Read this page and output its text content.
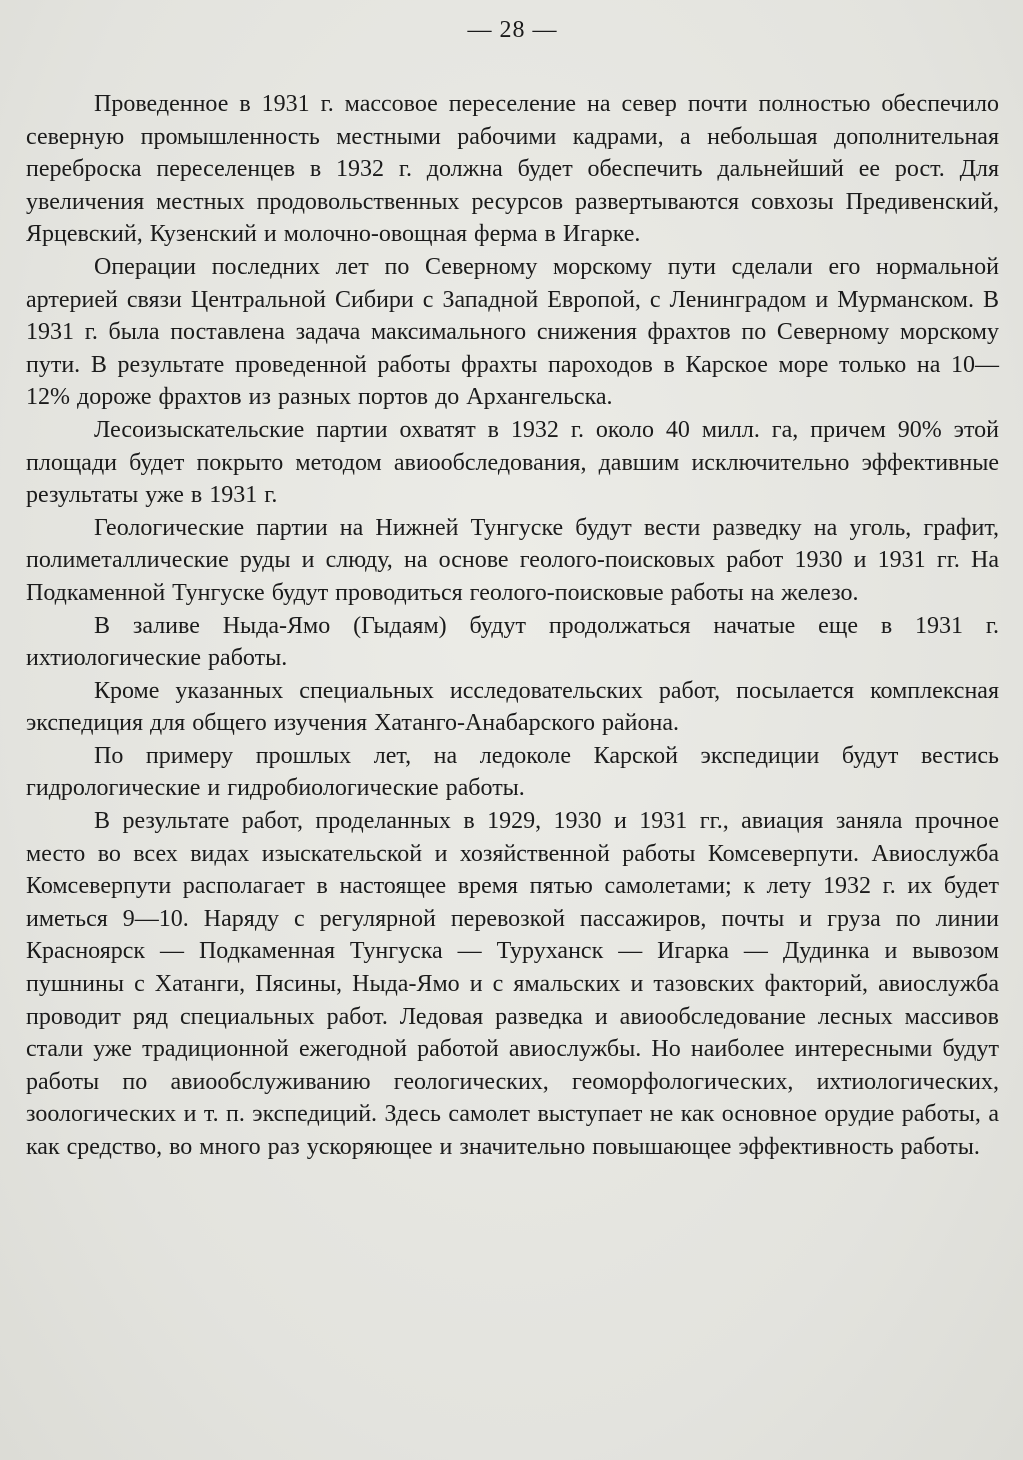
— 28 —

Проведенное в 1931 г. массовое переселение на север почти полностью обеспечило северную промышленность местными рабочими кадрами, а небольшая дополнительная переброска переселенцев в 1932 г. должна будет обеспечить дальнейший ее рост. Для увеличения местных продовольственных ресурсов развертываются совхозы Предивенский, Ярцевский, Кузенский и молочно-овощная ферма в Игарке.

Операции последних лет по Северному морскому пути сделали его нормальной артерией связи Центральной Сибири с Западной Европой, с Ленинградом и Мурманском. В 1931 г. была поставлена задача максимального снижения фрахтов по Северному морскому пути. В результате проведенной работы фрахты пароходов в Карское море только на 10—12% дороже фрахтов из разных портов до Архангельска.

Лесоизыскательские партии охватят в 1932 г. около 40 милл. га, причем 90% этой площади будет покрыто методом авиообследования, давшим исключительно эффективные результаты уже в 1931 г.

Геологические партии на Нижней Тунгуске будут вести разведку на уголь, графит, полиметаллические руды и слюду, на основе геолого-поисковых работ 1930 и 1931 гг. На Подкаменной Тунгуске будут проводиться геолого-поисковые работы на железо.

В заливе Ныда-Ямо (Гыдаям) будут продолжаться начатые еще в 1931 г. ихтиологические работы.

Кроме указанных специальных исследовательских работ, посылается комплексная экспедиция для общего изучения Хатанго-Анабарского района.

По примеру прошлых лет, на ледоколе Карской экспедиции будут вестись гидрологические и гидробиологические работы.

В результате работ, проделанных в 1929, 1930 и 1931 гг., авиация заняла прочное место во всех видах изыскательской и хозяйственной работы Комсеверпути. Авиослужба Комсеверпути располагает в настоящее время пятью самолетами; к лету 1932 г. их будет иметься 9—10. Наряду с регулярной перевозкой пассажиров, почты и груза по линии Красноярск — Подкаменная Тунгуска — Туруханск — Игарка — Дудинка и вывозом пушнины с Хатанги, Пясины, Ныда-Ямо и с ямальских и тазовских факторий, авиослужба проводит ряд специальных работ. Ледовая разведка и авиообследование лесных массивов стали уже традиционной ежегодной работой авиослужбы. Но наиболее интересными будут работы по авиообслуживанию геологических, геоморфологических, ихтиологических, зоологических и т. п. экспедиций. Здесь самолет выступает не как основное орудие работы, а как средство, во много раз ускоряющее и значительно повышающее эффективность работы.
